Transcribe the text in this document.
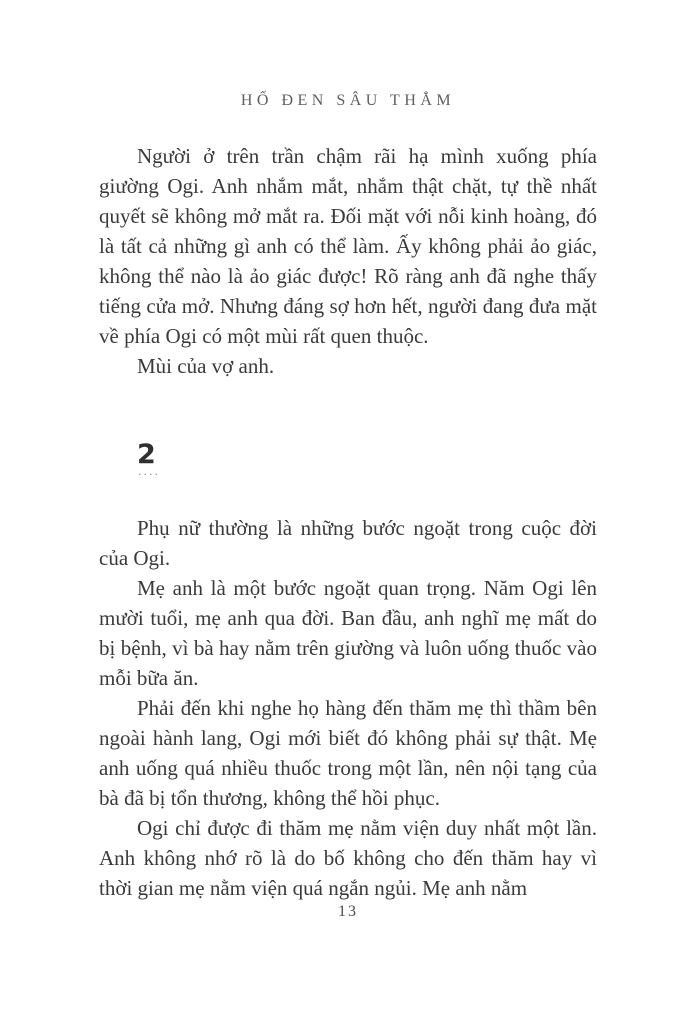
HỐ ĐEN SÂU THẲM

Người ở trên trần chậm rãi hạ mình xuống phía giường Ogi. Anh nhắm mắt, nhắm thật chặt, tự thề nhất quyết sẽ không mở mắt ra. Đối mặt với nỗi kinh hoàng, đó là tất cả những gì anh có thể làm. Ấy không phải ảo giác, không thể nào là ảo giác được! Rõ ràng anh đã nghe thấy tiếng cửa mở. Nhưng đáng sợ hơn hết, người đang đưa mặt về phía Ogi có một mùi rất quen thuộc.

Mùi của vợ anh.

2
····

Phụ nữ thường là những bước ngoặt trong cuộc đời của Ogi.

Mẹ anh là một bước ngoặt quan trọng. Năm Ogi lên mười tuổi, mẹ anh qua đời. Ban đầu, anh nghĩ mẹ mất do bị bệnh, vì bà hay nằm trên giường và luôn uống thuốc vào mỗi bữa ăn.

Phải đến khi nghe họ hàng đến thăm mẹ thì thầm bên ngoài hành lang, Ogi mới biết đó không phải sự thật. Mẹ anh uống quá nhiều thuốc trong một lần, nên nội tạng của bà đã bị tổn thương, không thể hồi phục.

Ogi chỉ được đi thăm mẹ nằm viện duy nhất một lần. Anh không nhớ rõ là do bố không cho đến thăm hay vì thời gian mẹ nằm viện quá ngắn ngủi. Mẹ anh nằm

13
